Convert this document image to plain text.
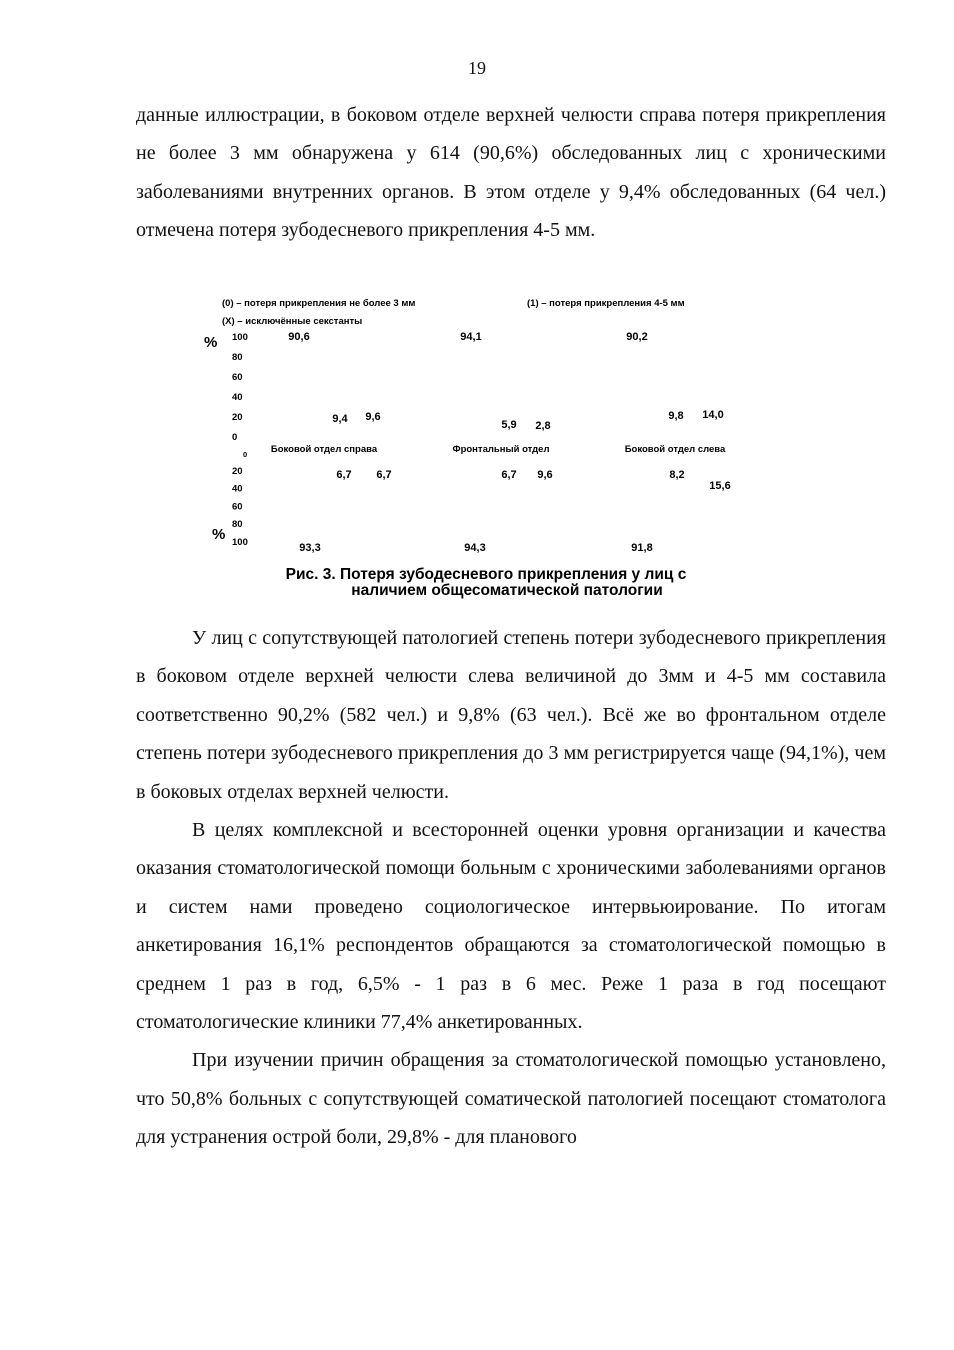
19

данные иллюстрации, в боковом отделе верхней челюсти справа потеря прикрепления не более 3 мм обнаружена у 614 (90,6%) обследованных лиц с хроническими заболеваниями внутренних органов. В этом отделе у 9,4% обследованных (64 чел.) отмечена потеря зубодесневого прикрепления 4-5 мм.

100
80
60
40
20
0
0
20
40
60
80
100
Боковой отдел справа	Фронтальный отдел	Боковой отдел слева
90,6	94,1	90,2
9,4	5,9
9,8
9,6
2,8
14,0
93,3	94,3	91,8
6,7	6,7	8,2
6,7	9,6
15,6
(0) – потеря прикрепления не более 3 мм	(1) – потеря прикрепления 4-5 мм
(X) – исключённые секстанты
%
%
Рис. 3. Потеря зубодесневого прикрепления у лиц с
наличием общесоматической патологии

У лиц с сопутствующей патологией степень потери зубодесневого прикрепления в боковом отделе верхней челюсти слева величиной до 3мм и 4-5 мм составила соответственно 90,2% (582 чел.) и 9,8% (63 чел.). Всё же во фронтальном отделе степень потери зубодесневого прикрепления до 3 мм регистрируется чаще (94,1%), чем в боковых отделах верхней челюсти.

В целях комплексной и всесторонней оценки уровня организации и качества оказания стоматологической помощи больным с хроническими заболеваниями органов и систем нами проведено социологическое интервьюирование. По итогам анкетирования 16,1% респондентов обращаются за стоматологической помощью в среднем 1 раз в год, 6,5% - 1 раз в 6 мес. Реже 1 раза в год посещают стоматологические клиники 77,4% анкетированных.

При изучении причин обращения за стоматологической помощью установлено, что 50,8% больных с сопутствующей соматической патологией посещают стоматолога для устранения острой боли, 29,8% - для планового
